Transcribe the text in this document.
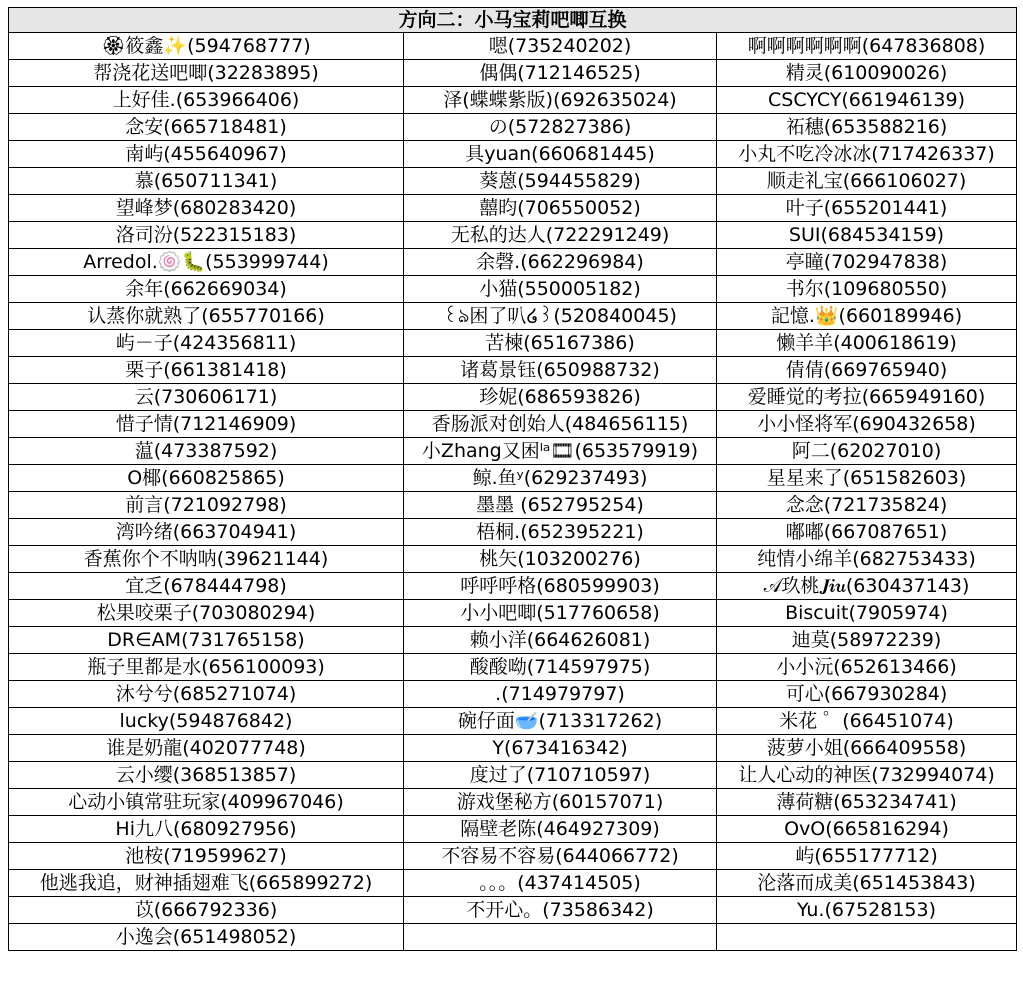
方向二：小马宝莉吧唧互换		
🏵筱鑫✨(594768777)	嗯(735240202)	啊啊啊啊啊啊(647836808)
帮浇花送吧唧(32283895)	偶偶(712146525)	精灵(610090026)
上好佳.(653966406)	泽(蝶蝶紫版)(692635024)	CSCYCY(661946139)
念安(665718481)	の(572827386)	祏穗(653588216)
南屿(455640967)	具yuan(660681445)	小丸不吃冷冰冰(717426337)
慕(650711341)	葵蒽(594455829)	顺走礼宝(666106027)
望峰梦(680283420)	囍昀(706550052)	叶子(655201441)
洛司汾(522315183)	无私的达人(722291249)	SUI(684534159)
Arredol.🍥🐛(553999744)	余磬.(662296984)	亭瞳(702947838)
余年(662669034)	小猫(550005182)	书尔(109680550)
认蒸你就熟了(655770166)	꒰ঌ困了叭໒꒱(520840045)	記憶.👑(660189946)
屿－子(424356811)	苦楝(65167386)	懒羊羊(400618619)
栗子(661381418)	诸葛景钰(650988732)	倩倩(669765940)
云(730606171)	珍妮(686593826)	爱睡觉的考拉(665949160)
惜子情(712146909)	香肠派对创始人(484656115)	小小怪将军(690432658)
蕰(473387592)	小Zhang又困ˡᵃ🎞(653579919)	阿二(62027010)
O椰(660825865)	鲸.鱼ʸ(629237493)	星星来了(651582603)
前言(721092798)	墨墨 (652795254)	念念(721735824)
湾吟绪(663704941)	梧桐.(652395221)	嘟嘟(667087651)
香蕉你个不呐呐(39621144)	桃矢(103200276)	纯情小绵羊(682753433)
宜乏(678444798)	呼呼呼格(680599903)	𝒜玖桃𝑱𝒊𝒖(630437143)
松果咬栗子(703080294)	小小吧唧(517760658)	Biscuit(7905974)
DR∈AM(731765158)	赖小洋(664626081)	迪莫(58972239)
瓶子里都是水(656100093)	酸酸呦(714597975)	小小沅(652613466)
沐兮兮(685271074)	.(714979797)	可心(667930284)
lucky(594876842)	碗仔面🥣(713317262)	米花 ゜(66451074)
谁是奶龍(402077748)	Y(673416342)	菠萝小姐(666409558)
云小缨(368513857)	度过了(710710597)	让人心动的神医(732994074)
心动小镇常驻玩家(409967046)	游戏堡秘方(60157071)	薄荷糖(653234741)
Hi九八(680927956)	隔壁老陈(464927309)	OvO(665816294)
池桉(719599627)	不容易不容易(644066772)	屿(655177712)
他逃我追，财神插翅难飞(665899272)	。。。(437414505)	沦落而成美(651453843)
苡(666792336)	不开心。(73586342)	Yu.(67528153)
小逸会(651498052)		
